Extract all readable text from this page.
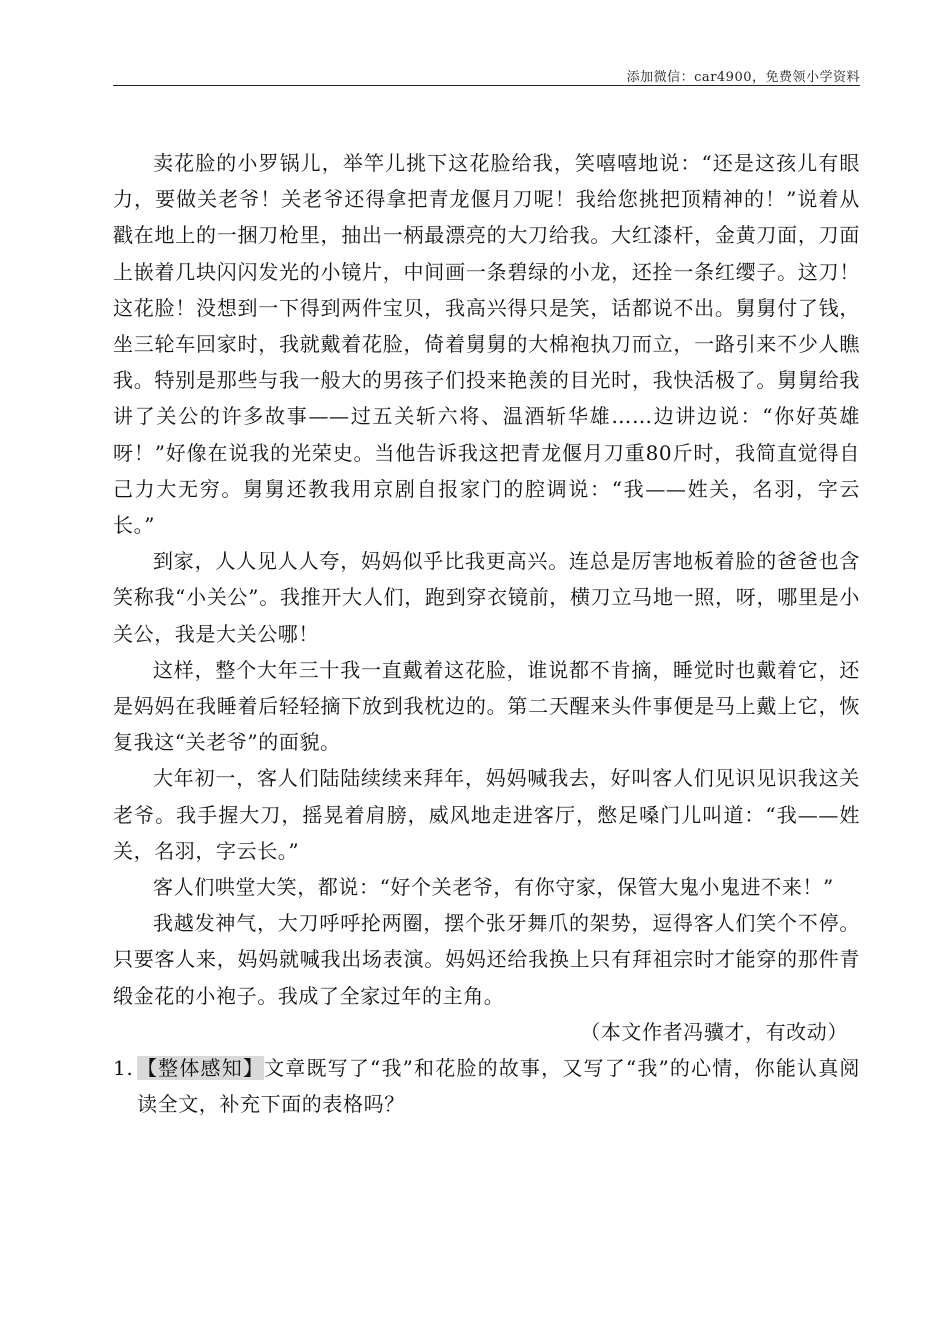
添加微信：car4900，免费领小学资料

卖花脸的小罗锅儿，举竿儿挑下这花脸给我，笑嘻嘻地说：“还是这孩儿有眼力，要做关老爷！关老爷还得拿把青龙偃月刀呢！我给您挑把顶精神的！”说着从戳在地上的一捆刀枪里，抽出一柄最漂亮的大刀给我。大红漆杆，金黄刀面，刀面上嵌着几块闪闪发光的小镜片，中间画一条碧绿的小龙，还拴一条红缨子。这刀！这花脸！没想到一下得到两件宝贝，我高兴得只是笑，话都说不出。舅舅付了钱，坐三轮车回家时，我就戴着花脸，倚着舅舅的大棉袍执刀而立，一路引来不少人瞧我。特别是那些与我一般大的男孩子们投来艳羡的目光时，我快活极了。舅舅给我讲了关公的许多故事——过五关斩六将、温酒斩华雄……边讲边说：“你好英雄呀！”好像在说我的光荣史。当他告诉我这把青龙偃月刀重80斤时，我简直觉得自己力大无穷。舅舅还教我用京剧自报家门的腔调说：“我——姓关，名羽，字云长。”

到家，人人见人人夸，妈妈似乎比我更高兴。连总是厉害地板着脸的爸爸也含笑称我“小关公”。我推开大人们，跑到穿衣镜前，横刀立马地一照，呀，哪里是小关公，我是大关公哪！

这样，整个大年三十我一直戴着这花脸，谁说都不肯摘，睡觉时也戴着它，还是妈妈在我睡着后轻轻摘下放到我枕边的。第二天醒来头件事便是马上戴上它，恢复我这“关老爷”的面貌。

大年初一，客人们陆陆续续来拜年，妈妈喊我去，好叫客人们见识见识我这关老爷。我手握大刀，摇晃着肩膀，威风地走进客厅，憋足嗓门儿叫道：“我——姓关，名羽，字云长。”

客人们哄堂大笑，都说：“好个关老爷，有你守家，保管大鬼小鬼进不来！”

我越发神气，大刀呼呼抡两圈，摆个张牙舞爪的架势，逗得客人们笑个不停。只要客人来，妈妈就喊我出场表演。妈妈还给我换上只有拜祖宗时才能穿的那件青缎金花的小袍子。我成了全家过年的主角。

（本文作者冯骥才，有改动）

1. 【整体感知】文章既写了“我”和花脸的故事，又写了“我”的心情，你能认真阅读全文，补充下面的表格吗？
